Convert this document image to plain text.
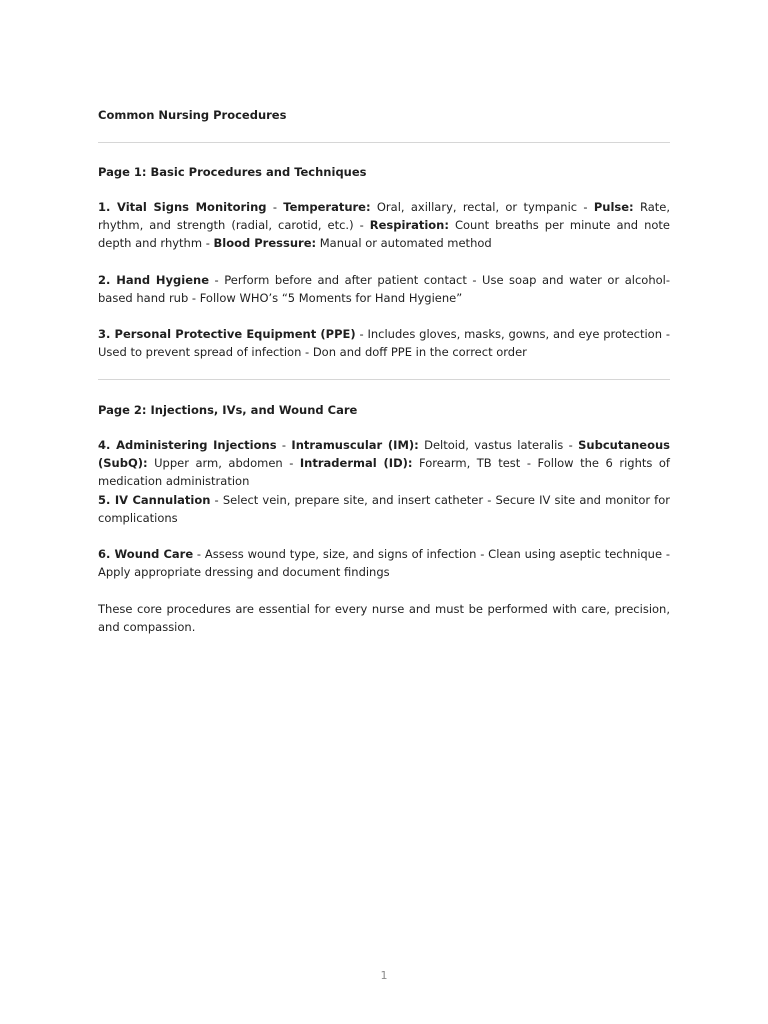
Common Nursing Procedures

Page 1: Basic Procedures and Techniques

1. Vital Signs Monitoring - Temperature: Oral, axillary, rectal, or tympanic - Pulse: Rate, rhythm, and strength (radial, carotid, etc.) - Respiration: Count breaths per minute and note depth and rhythm - Blood Pressure: Manual or automated method

2. Hand Hygiene - Perform before and after patient contact - Use soap and water or alcohol-based hand rub - Follow WHO’s “5 Moments for Hand Hygiene”

3. Personal Protective Equipment (PPE) - Includes gloves, masks, gowns, and eye protection - Used to prevent spread of infection - Don and doff PPE in the correct order

Page 2: Injections, IVs, and Wound Care

4. Administering Injections - Intramuscular (IM): Deltoid, vastus lateralis - Subcutaneous (SubQ): Upper arm, abdomen - Intradermal (ID): Forearm, TB test - Follow the 6 rights of medication administration

5. IV Cannulation - Select vein, prepare site, and insert catheter - Secure IV site and monitor for complications

6. Wound Care - Assess wound type, size, and signs of infection - Clean using aseptic technique - Apply appropriate dressing and document findings

These core procedures are essential for every nurse and must be performed with care, precision, and compassion.

1
